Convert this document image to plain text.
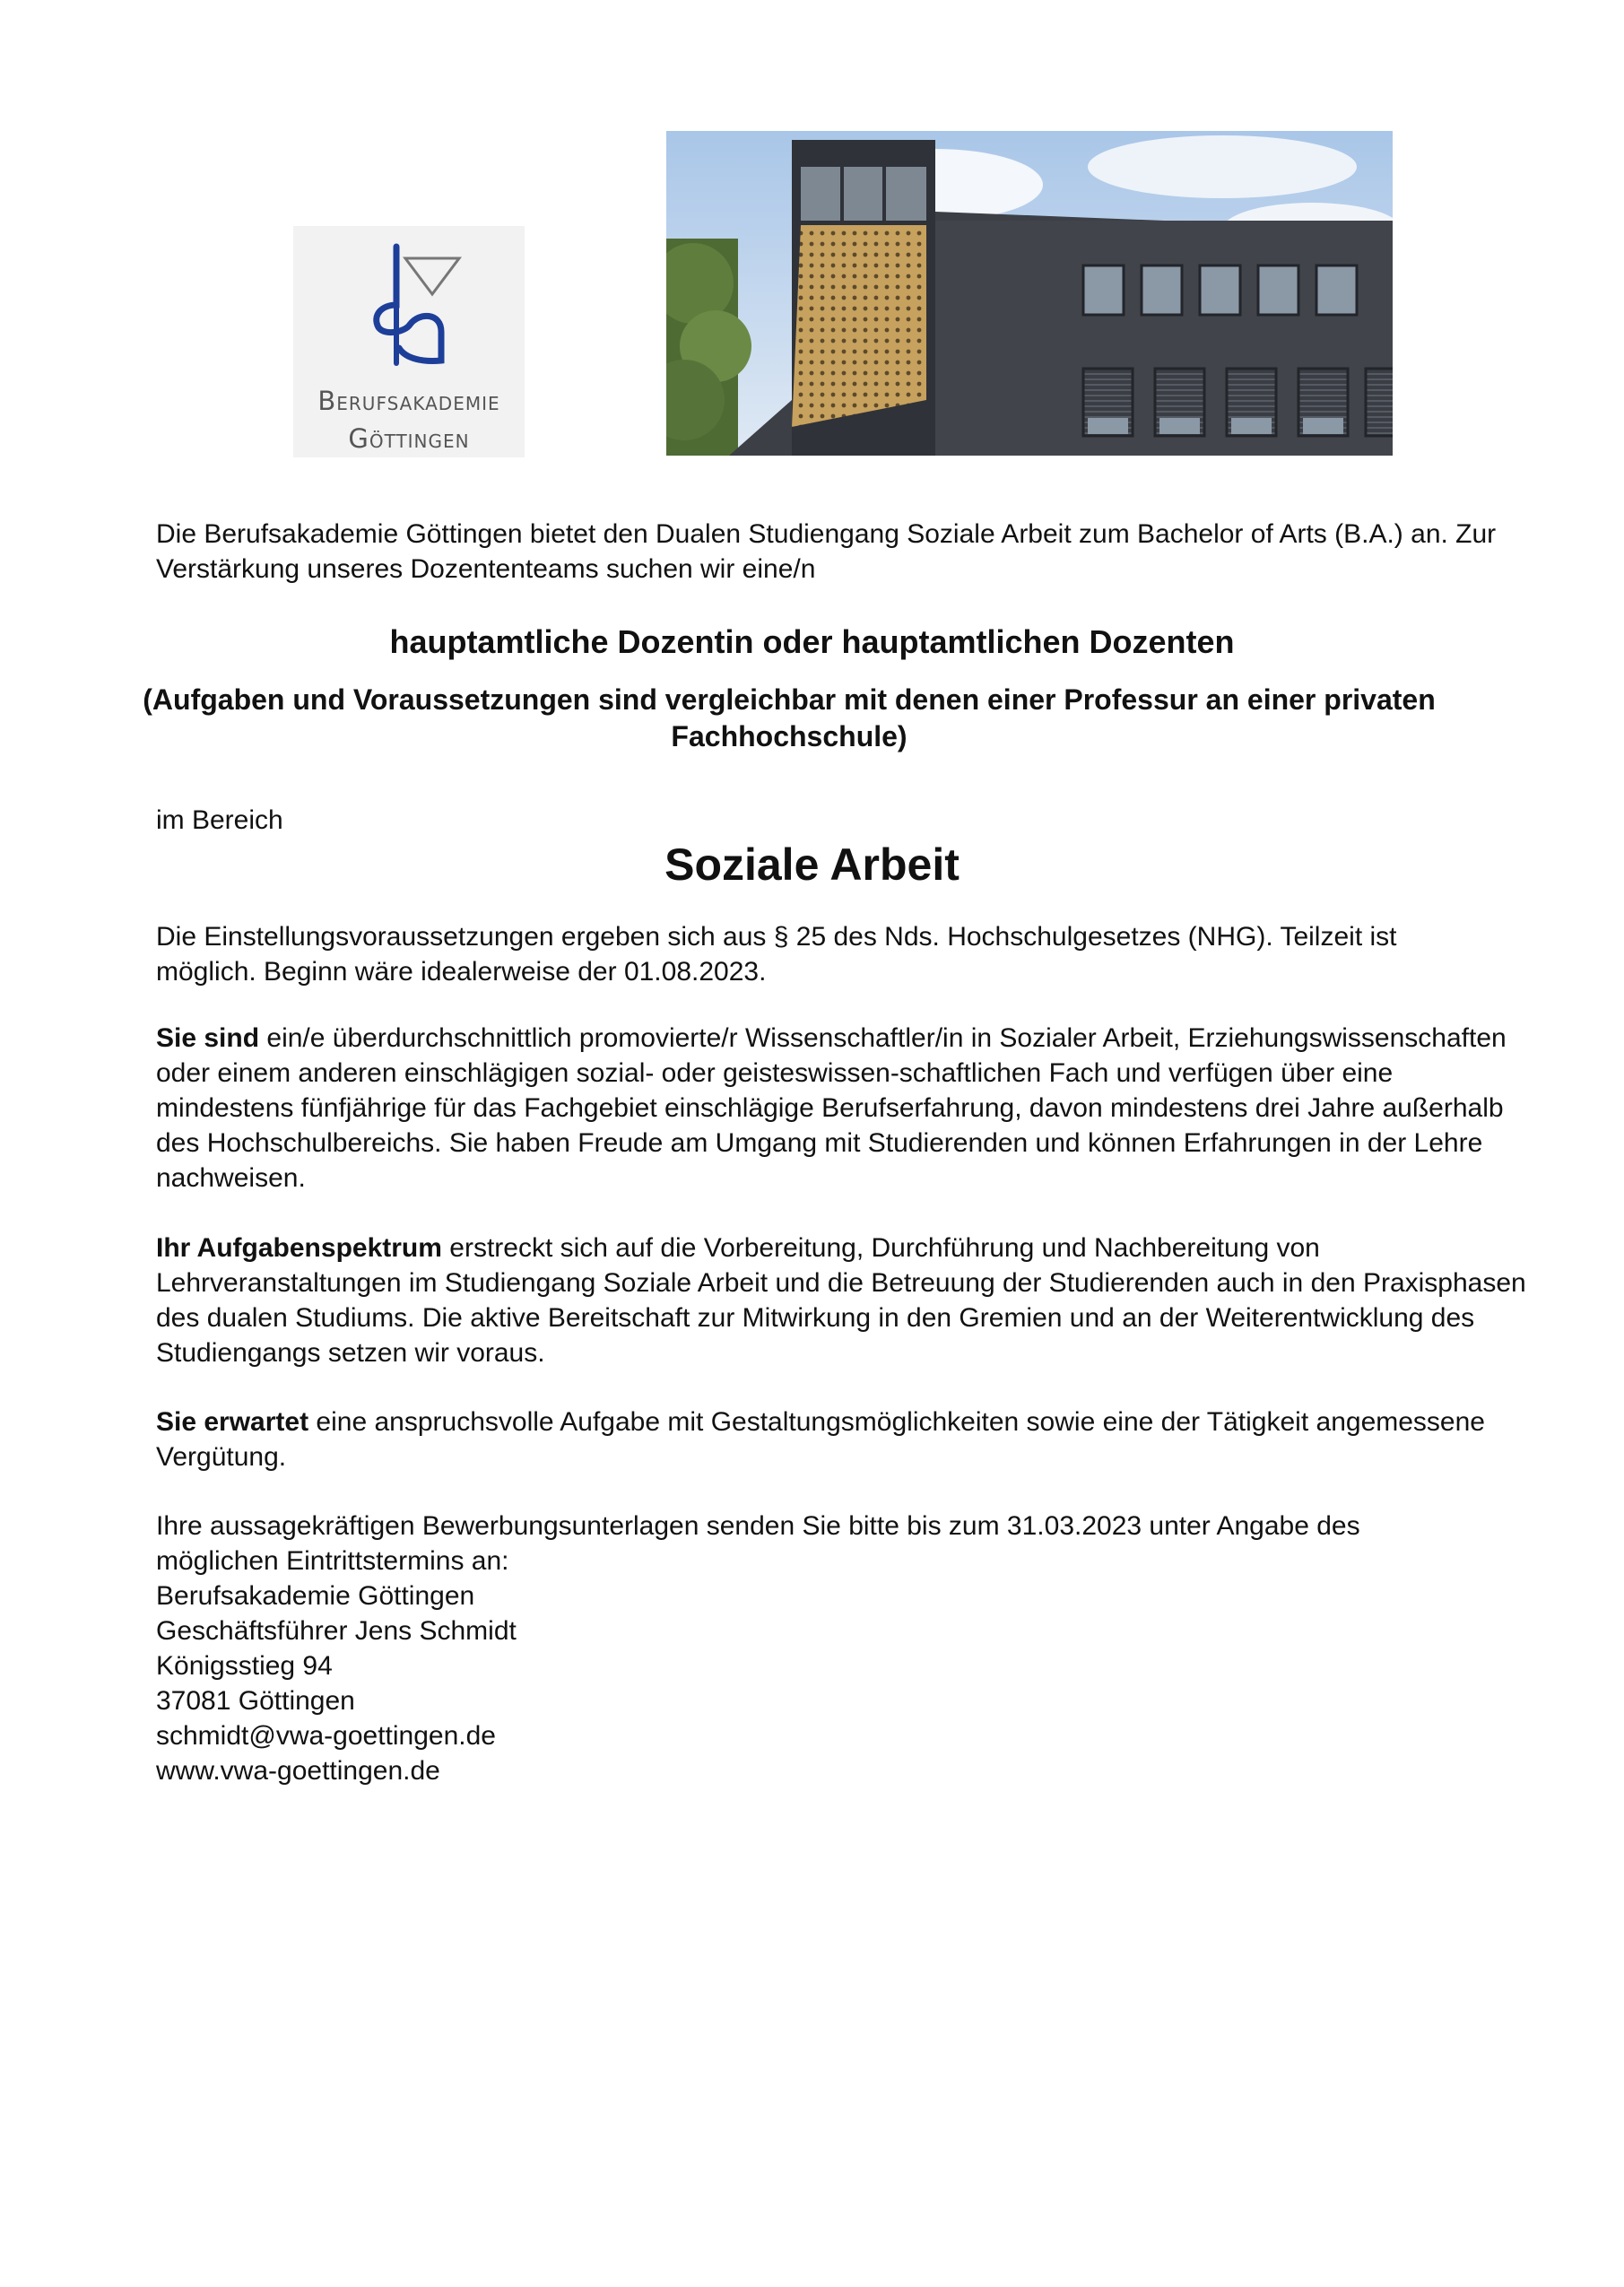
Berufsakademie
Göttingen

Die Berufsakademie Göttingen bietet den Dualen Studiengang Soziale Arbeit zum Bachelor of Arts (B.A.) an. Zur Verstärkung unseres Dozententeams suchen wir eine/n

hauptamtliche Dozentin oder hauptamtlichen Dozenten

(Aufgaben und Voraussetzungen sind vergleichbar mit denen einer Professur an einer privaten Fachhochschule)

im Bereich

Soziale Arbeit

Die Einstellungsvoraussetzungen ergeben sich aus § 25 des Nds. Hochschulgesetzes (NHG). Teilzeit ist möglich. Beginn wäre idealerweise der 01.08.2023.

Sie sind ein/e überdurchschnittlich promovierte/r Wissenschaftler/in in Sozialer Arbeit, Erziehungswissenschaften oder einem anderen einschlägigen sozial- oder geisteswissen-schaftlichen Fach und verfügen über eine mindestens fünfjährige für das Fachgebiet einschlägige Berufserfahrung, davon mindestens drei Jahre außerhalb des Hochschulbereichs. Sie haben Freude am Umgang mit Studierenden und können Erfahrungen in der Lehre nachweisen.

Ihr Aufgabenspektrum erstreckt sich auf die Vorbereitung, Durchführung und Nachbereitung von Lehrveranstaltungen im Studiengang Soziale Arbeit und die Betreuung der Studierenden auch in den Praxisphasen des dualen Studiums. Die aktive Bereitschaft zur Mitwirkung in den Gremien und an der Weiterentwicklung des Studiengangs setzen wir voraus.

Sie erwartet eine anspruchsvolle Aufgabe mit Gestaltungsmöglichkeiten sowie eine der Tätigkeit angemessene Vergütung.

Ihre aussagekräftigen Bewerbungsunterlagen senden Sie bitte bis zum 31.03.2023 unter Angabe des möglichen Eintrittstermins an:

Berufsakademie Göttingen
Geschäftsführer Jens Schmidt
Königsstieg 94
37081 Göttingen
schmidt@vwa-goettingen.de
www.vwa-goettingen.de
